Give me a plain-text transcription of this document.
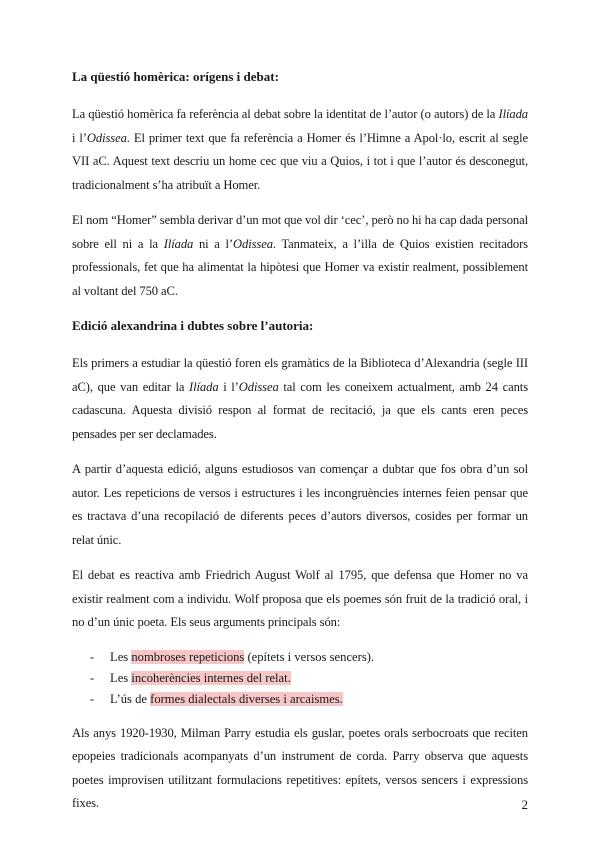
La qüestió homèrica: orígens i debat:

La qüestió homèrica fa referència al debat sobre la identitat de l’autor (o autors) de la Ilíada i l’Odissea. El primer text que fa referència a Homer és l’Himne a Apol·lo, escrit al segle VII aC. Aquest text descriu un home cec que viu a Quios, i tot i que l’autor és desconegut, tradicionalment s’ha atribuït a Homer.

El nom “Homer” sembla derivar d’un mot que vol dir ‘cec’, però no hi ha cap dada personal sobre ell ni a la Ilíada ni a l’Odissea. Tanmateix, a l’illa de Quios existien recitadors professionals, fet que ha alimentat la hipòtesi que Homer va existir realment, possiblement al voltant del 750 aC.

Edició alexandrina i dubtes sobre l’autoria:

Els primers a estudiar la qüestió foren els gramàtics de la Biblioteca d’Alexandria (segle III aC), que van editar la Ilíada i l’Odissea tal com les coneixem actualment, amb 24 cants cadascuna. Aquesta divisió respon al format de recitació, ja que els cants eren peces pensades per ser declamades.

A partir d’aquesta edició, alguns estudiosos van començar a dubtar que fos obra d’un sol autor. Les repeticions de versos i estructures i les incongruències internes feien pensar que es tractava d’una recopilació de diferents peces d’autors diversos, cosides per formar un relat únic.

El debat es reactiva amb Friedrich August Wolf al 1795, que defensa que Homer no va existir realment com a individu. Wolf proposa que els poemes són fruit de la tradició oral, i no d’un únic poeta. Els seus arguments principals són:

-	Les nombroses repeticions (epítets i versos sencers).
-	Les incoherències internes del relat.
-	L’ús de formes dialectals diverses i arcaismes.

Als anys 1920-1930, Milman Parry estudia els guslar, poetes orals serbocroats que reciten epopeies tradicionals acompanyats d’un instrument de corda. Parry observa que aquests poetes improvisen utilitzant formulacions repetitives: epítets, versos sencers i expressions fixes.	2
